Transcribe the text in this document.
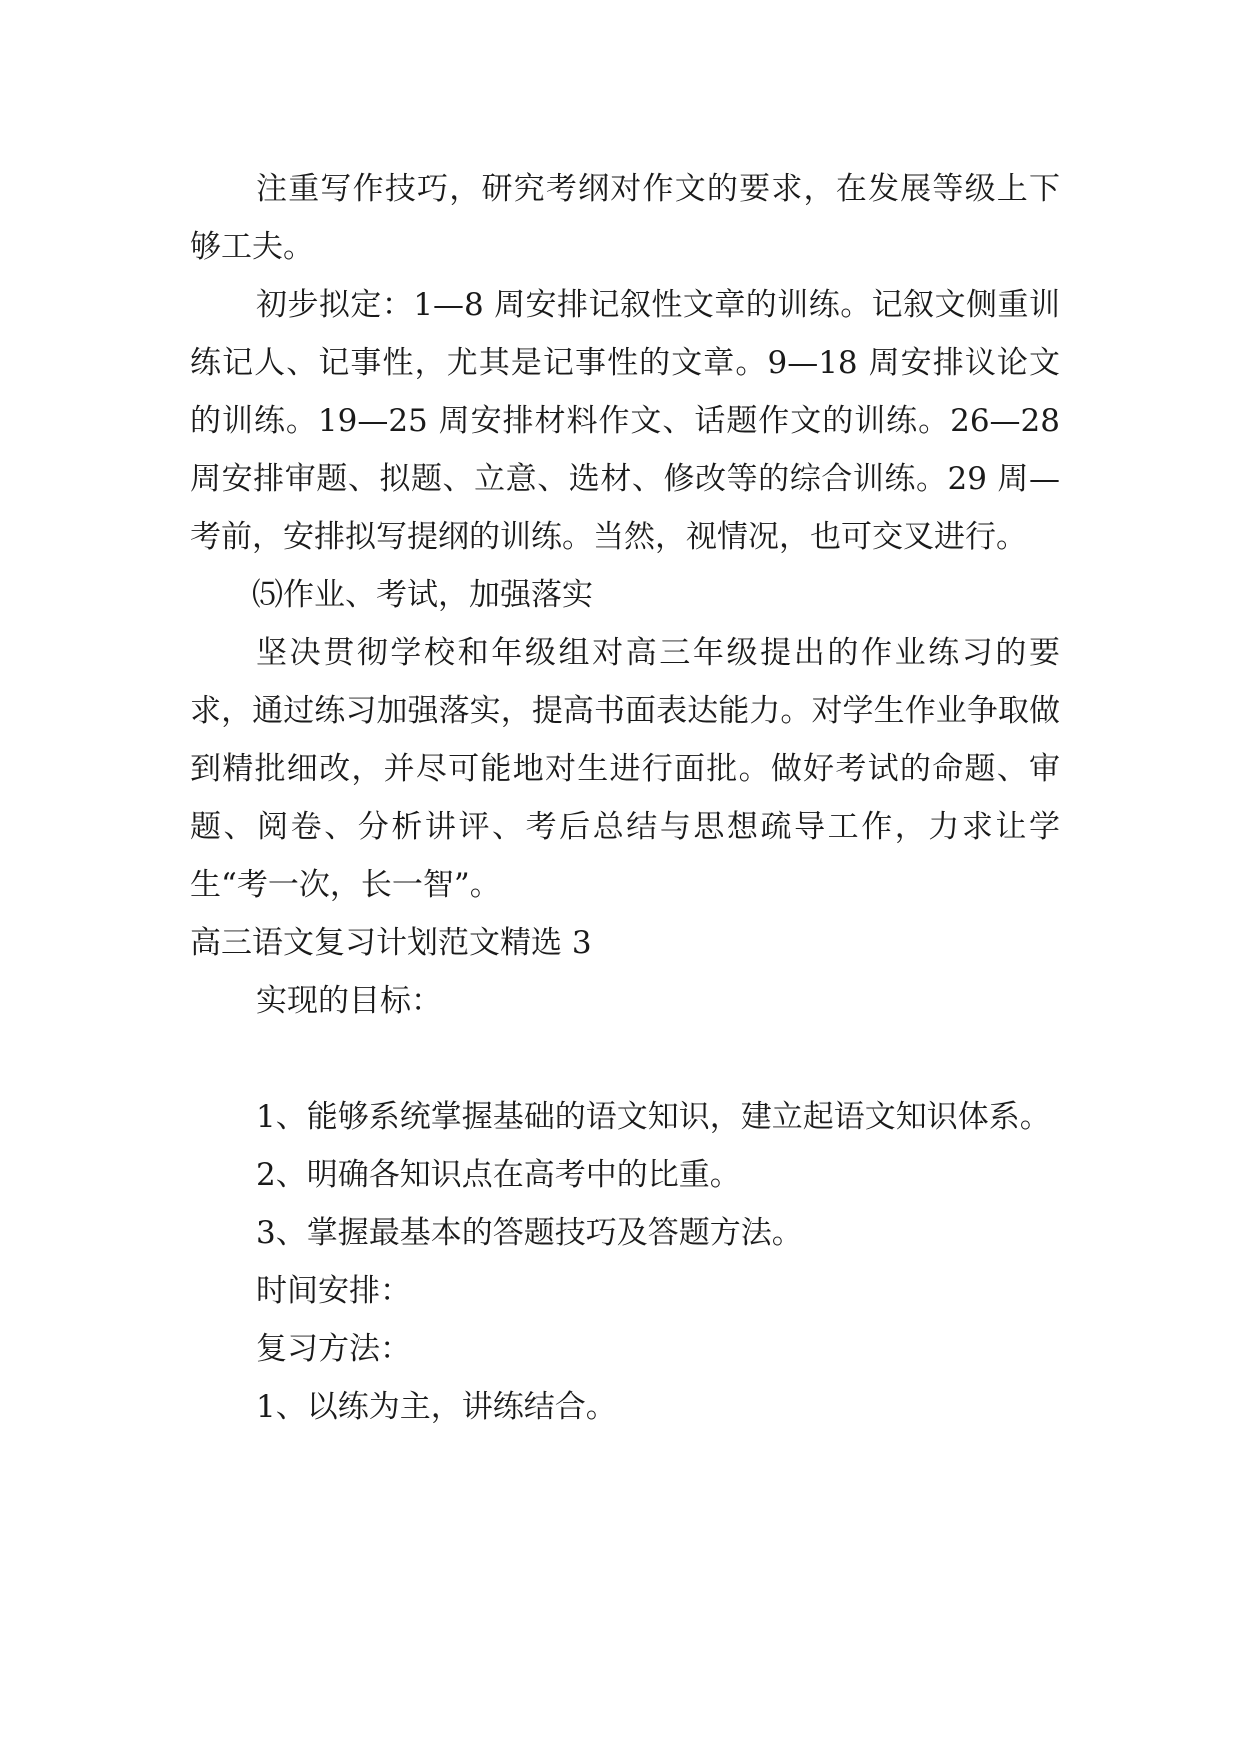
注重写作技巧，研究考纲对作文的要求，在发展等级上下够工夫。

初步拟定：1—8 周安排记叙性文章的训练。记叙文侧重训练记人、记事性，尤其是记事性的文章。9—18 周安排议论文的训练。19—25 周安排材料作文、话题作文的训练。26—28 周安排审题、拟题、立意、选材、修改等的综合训练。29 周—考前，安排拟写提纲的训练。当然，视情况，也可交叉进行。

⑸作业、考试，加强落实

坚决贯彻学校和年级组对高三年级提出的作业练习的要求，通过练习加强落实，提高书面表达能力。对学生作业争取做到精批细改，并尽可能地对生进行面批。做好考试的命题、审题、阅卷、分析讲评、考后总结与思想疏导工作，力求让学生“考一次，长一智”。

高三语文复习计划范文精选 3

实现的目标：

1、能够系统掌握基础的语文知识，建立起语文知识体系。

2、明确各知识点在高考中的比重。

3、掌握最基本的答题技巧及答题方法。

时间安排：

复习方法：

1、以练为主，讲练结合。
